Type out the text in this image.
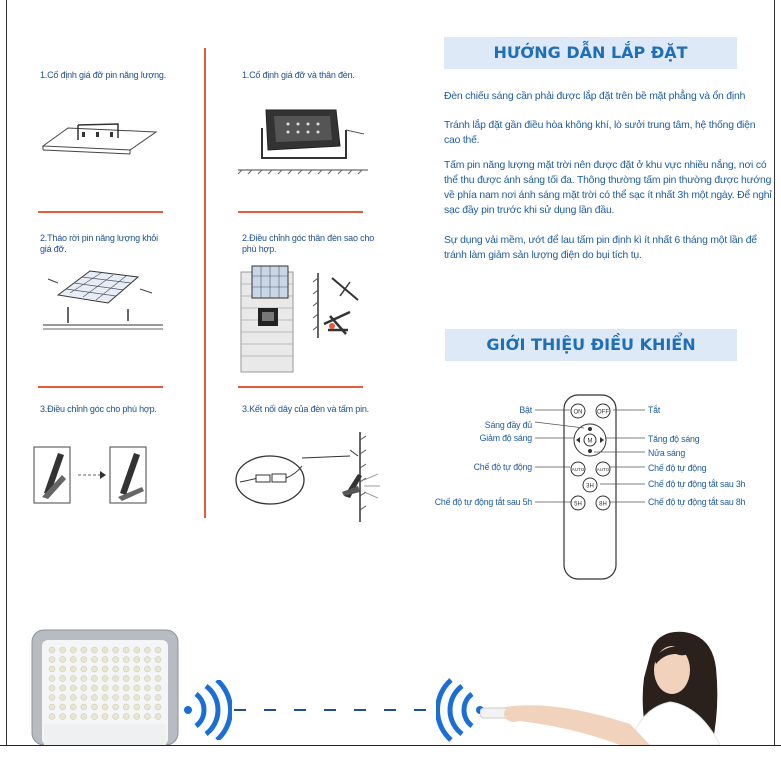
1.Cố định giá đỡ pin năng lượng.
2.Tháo rời pin năng lượng khỏi giá đỡ.
3.Điều chỉnh góc cho phù hợp.
1.Cố định giá đỡ và thân đèn.
2.Điều chỉnh góc thân đèn sao cho phù hợp.
3.Kết nối dây của đèn và tấm pin.
HƯỚNG DẪN LẮP ĐẶT
Đèn chiếu sáng cần phải được lắp đặt trên bề mặt phẳng và ổn định
Tránh lắp đặt gần điều hòa không khí, lò sưởi trung tâm, hệ thống điện cao thế.
Tấm pin năng lượng mặt trời nên được đặt ở khu vực nhiều nắng, nơi có thể thu được ánh sáng tối đa. Thông thường tấm pin thường được hướng về phía nam nơi ánh sáng mặt trời có thể sạc ít nhất 3h một ngày. Để nghỉ sạc đầy pin trước khi sử dụng lần đầu.
Sự dụng vải mềm, ướt để lau tấm pin định kì ít nhất 6 tháng một lần để tránh làm giảm sản lượng điện do bụi tích tụ.
GIỚI THIỆU ĐIỀU KHIỂN
ON OFF
M
AUTO	AUTO
3H
5H	8H
Bật
Sáng đầy đủ
Giảm độ sáng
Chế độ tự động
Chế độ tự động tắt sau 5h
Tắt
Tăng độ sáng
Nửa sáng
Chế độ tự động
Chế độ tự động tắt sau 3h
Chế độ tự động tắt sau 8h
